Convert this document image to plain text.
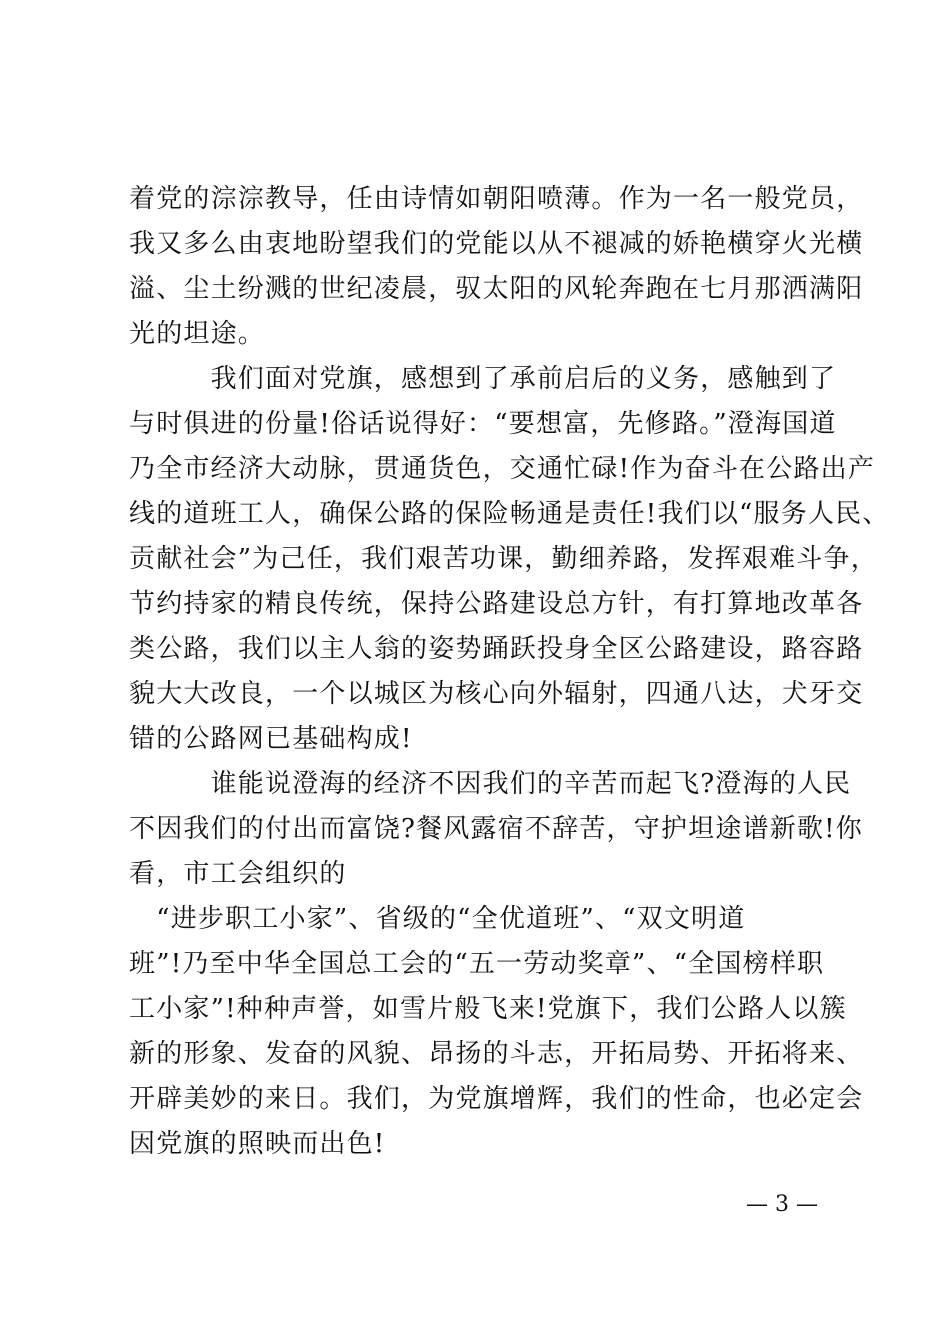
着党的淙淙教导，任由诗情如朝阳喷薄。作为一名一般党员，
我又多么由衷地盼望我们的党能以从不褪减的娇艳横穿火光横
溢、尘土纷溅的世纪凌晨，驭太阳的风轮奔跑在七月那洒满阳
光的坦途。
　　　我们面对党旗，感想到了承前启后的义务，感触到了
与时俱进的份量!俗话说得好：“要想富，先修路。”澄海国道
乃全市经济大动脉，贯通货色，交通忙碌!作为奋斗在公路出产
线的道班工人，确保公路的保险畅通是责任!我们以“服务人民、
贡献社会”为己任，我们艰苦功课，勤细养路，发挥艰难斗争，
节约持家的精良传统，保持公路建设总方针，有打算地改革各
类公路，我们以主人翁的姿势踊跃投身全区公路建设，路容路
貌大大改良，一个以城区为核心向外辐射，四通八达，犬牙交
错的公路网已基础构成!
　　　谁能说澄海的经济不因我们的辛苦而起飞?澄海的人民
不因我们的付出而富饶?餐风露宿不辞苦，守护坦途谱新歌!你
看，市工会组织的
　“进步职工小家”、省级的“全优道班”、“双文明道
班”!乃至中华全国总工会的“五一劳动奖章”、“全国榜样职
工小家”!种种声誉，如雪片般飞来!党旗下，我们公路人以簇
新的形象、发奋的风貌、昂扬的斗志，开拓局势、开拓将来、
开辟美妙的来日。我们，为党旗增辉，我们的性命，也必定会
因党旗的照映而出色!
— 3 —
